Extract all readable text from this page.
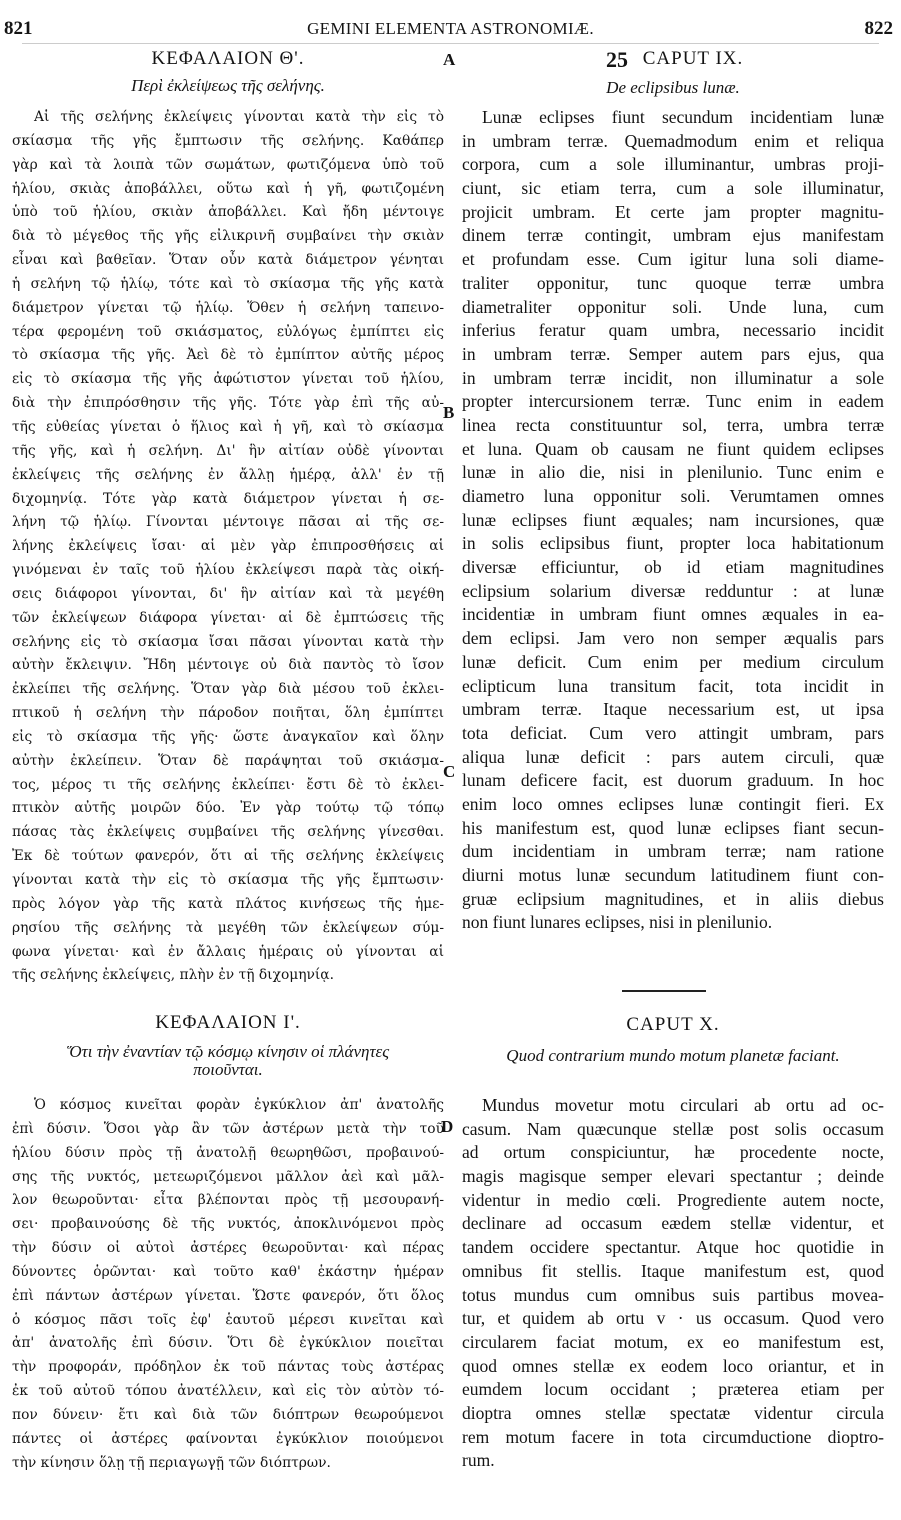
821	GEMINI ELEMENTA ASTRONOMIÆ.	822
A
B
C
D
ΚΕΦΑΛΑΙΟΝ Θ'.
Περὶ ἐκλείψεως τῆς σελήνης.
Αἱ τῆς σελήνης ἐκλείψεις γίνονται κατὰ τὴν εἰς τὸ
σκίασμα τῆς γῆς ἔμπτωσιν τῆς σελήνης. Καθάπερ
γὰρ καὶ τὰ λοιπὰ τῶν σωμάτων, φωτιζόμενα ὑπὸ τοῦ
ἡλίου, σκιὰς ἀποβάλλει, οὕτω καὶ ἡ γῆ, φωτιζομένη
ὑπὸ τοῦ ἡλίου, σκιὰν ἀποβάλλει. Καὶ ἤδη μέντοιγε
διὰ τὸ μέγεθος τῆς γῆς εἰλικρινῆ συμβαίνει τὴν σκιὰν
εἶναι καὶ βαθεῖαν. Ὅταν οὖν κατὰ διάμετρον γένηται
ἡ σελήνη τῷ ἡλίῳ, τότε καὶ τὸ σκίασμα τῆς γῆς κατὰ
διάμετρον γίνεται τῷ ἡλίῳ. Ὅθεν ἡ σελήνη ταπεινο-
τέρα φερομένη τοῦ σκιάσματος, εὐλόγως ἐμπίπτει εἰς
τὸ σκίασμα τῆς γῆς. Ἀεὶ δὲ τὸ ἐμπίπτον αὐτῆς μέρος
εἰς τὸ σκίασμα τῆς γῆς ἀφώτιστον γίνεται τοῦ ἡλίου,
διὰ τὴν ἐπιπρόσθησιν τῆς γῆς. Τότε γὰρ ἐπὶ τῆς αὐ-
τῆς εὐθείας γίνεται ὁ ἥλιος καὶ ἡ γῆ, καὶ τὸ σκίασμα
τῆς γῆς, καὶ ἡ σελήνη. Δι' ἣν αἰτίαν οὐδὲ γίνονται
ἐκλείψεις τῆς σελήνης ἐν ἄλλῃ ἡμέρᾳ, ἀλλ' ἐν τῇ
διχομηνίᾳ. Τότε γὰρ κατὰ διάμετρον γίνεται ἡ σε-
λήνη τῷ ἡλίῳ. Γίνονται μέντοιγε πᾶσαι αἱ τῆς σε-
λήνης ἐκλείψεις ἴσαι· αἱ μὲν γὰρ ἐπιπροσθήσεις αἱ
γινόμεναι ἐν ταῖς τοῦ ἡλίου ἐκλείψεσι παρὰ τὰς οἰκή-
σεις διάφοροι γίνονται, δι' ἣν αἰτίαν καὶ τὰ μεγέθη
τῶν ἐκλείψεων διάφορα γίνεται· αἱ δὲ ἐμπτώσεις τῆς
σελήνης εἰς τὸ σκίασμα ἴσαι πᾶσαι γίνονται κατὰ τὴν
αὐτὴν ἔκλειψιν. Ἤδη μέντοιγε οὐ διὰ παντὸς τὸ ἴσον
ἐκλείπει τῆς σελήνης. Ὅταν γὰρ διὰ μέσου τοῦ ἐκλει-
πτικοῦ ἡ σελήνη τὴν πάροδον ποιῆται, ὅλη ἐμπίπτει
εἰς τὸ σκίασμα τῆς γῆς· ὥστε ἀναγκαῖον καὶ ὅλην
αὐτὴν ἐκλείπειν. Ὅταν δὲ παράψηται τοῦ σκιάσμα-
τος, μέρος τι τῆς σελήνης ἐκλείπει· ἔστι δὲ τὸ ἐκλει-
πτικὸν αὐτῆς μοιρῶν δύο. Ἐν γὰρ τούτῳ τῷ τόπῳ
πάσας τὰς ἐκλείψεις συμβαίνει τῆς σελήνης γίνεσθαι.
Ἐκ δὲ τούτων φανερόν, ὅτι αἱ τῆς σελήνης ἐκλείψεις
γίνονται κατὰ τὴν εἰς τὸ σκίασμα τῆς γῆς ἔμπτωσιν·
πρὸς λόγον γὰρ τῆς κατὰ πλάτος κινήσεως τῆς ἡμε-
ρησίου τῆς σελήνης τὰ μεγέθη τῶν ἐκλείψεων σύμ-
φωνα γίνεται· καὶ ἐν ἄλλαις ἡμέραις οὐ γίνονται αἱ
τῆς σελήνης ἐκλείψεις, πλὴν ἐν τῇ διχομηνίᾳ.
ΚΕΦΑΛΑΙΟΝ Ι'.
Ὅτι τὴν ἐναντίαν τῷ κόσμῳ κίνησιν οἱ πλάνητες
ποιοῦνται.
Ὁ κόσμος κινεῖται φορὰν ἐγκύκλιον ἀπ' ἀνατολῆς
ἐπὶ δύσιν. Ὅσοι γὰρ ἂν τῶν ἀστέρων μετὰ τὴν τοῦ
ἡλίου δύσιν πρὸς τῇ ἀνατολῇ θεωρηθῶσι, προβαινού-
σης τῆς νυκτός, μετεωριζόμενοι μᾶλλον ἀεὶ καὶ μᾶλ-
λον θεωροῦνται· εἶτα βλέπονται πρὸς τῇ μεσουρανή-
σει· προβαινούσης δὲ τῆς νυκτός, ἀποκλινόμενοι πρὸς
τὴν δύσιν οἱ αὐτοὶ ἀστέρες θεωροῦνται· καὶ πέρας
δύνοντες ὁρῶνται· καὶ τοῦτο καθ' ἑκάστην ἡμέραν
ἐπὶ πάντων ἀστέρων γίνεται. Ὥστε φανερόν, ὅτι ὅλος
ὁ κόσμος πᾶσι τοῖς ἐφ' ἑαυτοῦ μέρεσι κινεῖται καὶ
ἀπ' ἀνατολῆς ἐπὶ δύσιν. Ὅτι δὲ ἐγκύκλιον ποιεῖται
τὴν προφοράν, πρόδηλον ἐκ τοῦ πάντας τοὺς ἀστέρας
ἐκ τοῦ αὐτοῦ τόπου ἀνατέλλειν, καὶ εἰς τὸν αὐτὸν τό-
πον δύνειν· ἔτι καὶ διὰ τῶν διόπτρων θεωρούμενοι
πάντες οἱ ἀστέρες φαίνονται ἐγκύκλιον ποιούμενοι
τὴν κίνησιν ὅλῃ τῇ περιαγωγῇ τῶν διόπτρων.
25 CAPUT IX.
De eclipsibus lunæ.
Lunæ eclipses fiunt secundum incidentiam lunæ
in umbram terræ. Quemadmodum enim et reliqua
corpora, cum a sole illuminantur, umbras proji-
ciunt, sic etiam terra, cum a sole illuminatur,
projicit umbram. Et certe jam propter magnitu-
dinem terræ contingit, umbram ejus manifestam
et profundam esse. Cum igitur luna soli diame-
traliter opponitur, tunc quoque terræ umbra
diametraliter opponitur soli. Unde luna, cum
inferius feratur quam umbra, necessario incidit
in umbram terræ. Semper autem pars ejus, qua
in umbram terræ incidit, non illuminatur a sole
propter intercursionem terræ. Tunc enim in eadem
linea recta constituuntur sol, terra, umbra terræ
et luna. Quam ob causam ne fiunt quidem eclipses
lunæ in alio die, nisi in plenilunio. Tunc enim e
diametro luna opponitur soli. Verumtamen omnes
lunæ eclipses fiunt æquales; nam incursiones, quæ
in solis eclipsibus fiunt, propter loca habitationum
diversæ efficiuntur, ob id etiam magnitudines
eclipsium solarium diversæ redduntur : at lunæ
incidentiæ in umbram fiunt omnes æquales in ea-
dem eclipsi. Jam vero non semper æqualis pars
lunæ deficit. Cum enim per medium circulum
eclipticum luna transitum facit, tota incidit in
umbram terræ. Itaque necessarium est, ut ipsa
tota deficiat. Cum vero attingit umbram, pars
aliqua lunæ deficit : pars autem circuli, quæ
lunam deficere facit, est duorum graduum. In hoc
enim loco omnes eclipses lunæ contingit fieri. Ex
his manifestum est, quod lunæ eclipses fiant secun-
dum incidentiam in umbram terræ; nam ratione
diurni motus lunæ secundum latitudinem fiunt con-
gruæ eclipsium magnitudines, et in aliis diebus
non fiunt lunares eclipses, nisi in plenilunio.
CAPUT X.
Quod contrarium mundo motum planetæ faciant.
Mundus movetur motu circulari ab ortu ad oc-
casum. Nam quæcunque stellæ post solis occasum
ad ortum conspiciuntur, hæ procedente nocte,
magis magisque semper elevari spectantur ; deinde
videntur in medio cœli. Progrediente autem nocte,
declinare ad occasum eædem stellæ videntur, et
tandem occidere spectantur. Atque hoc quotidie in
omnibus fit stellis. Itaque manifestum est, quod
totus mundus cum omnibus suis partibus movea-
tur, et quidem ab ortu v · us occasum. Quod vero
circularem faciat motum, ex eo manifestum est,
quod omnes stellæ ex eodem loco oriantur, et in
eumdem locum occidant ; præterea etiam per
dioptra omnes stellæ spectatæ videntur circula
rem motum facere in tota circumductione dioptro-
rum.
